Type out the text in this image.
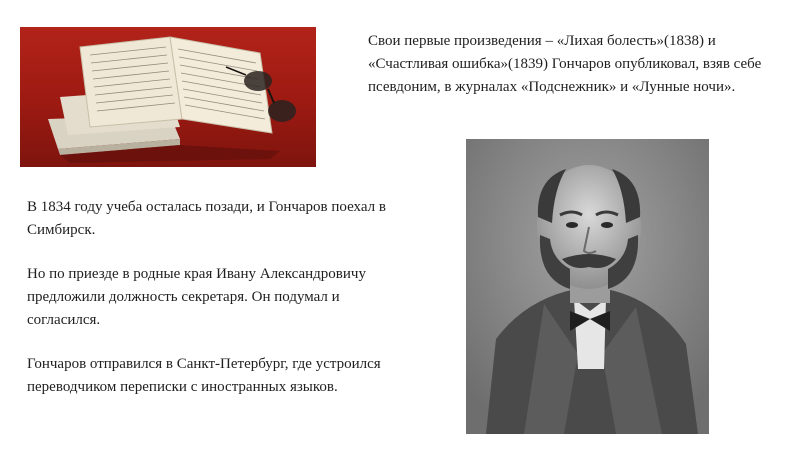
Свои первые произведения – «Лихая болесть»(1838) и «Счастливая ошибка»(1839) Гончаров опубликовал, взяв себе псевдоним, в журналах «Подснежник» и «Лунные ночи».

В 1834 году учеба осталась позади, и Гончаров поехал в Симбирск.

Но по приезде в родные края Ивану Александровичу предложили должность секретаря. Он подумал и согласился.

Гончаров отправился в Санкт-Петербург, где устроился переводчиком переписки с иностранных языков.
